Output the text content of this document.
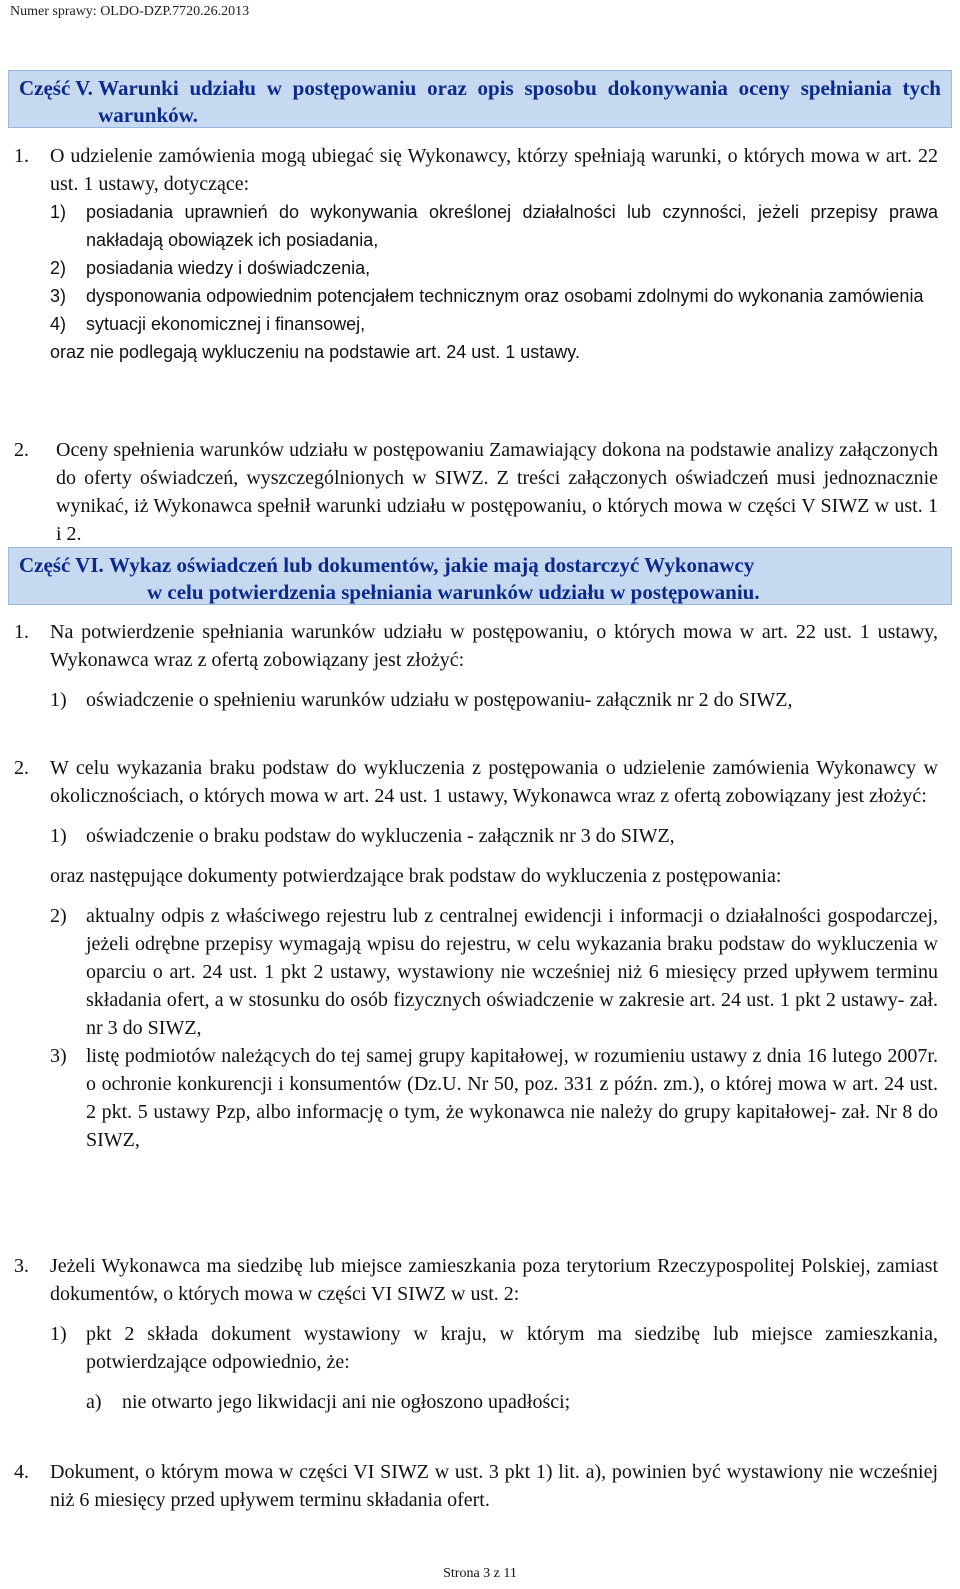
Numer sprawy: OLDO-DZP.7720.26.2013
Część V.
Warunki udziału w postępowaniu oraz opis sposobu dokonywania oceny spełniania tych warunków.
1.	O udzielenie zamówienia mogą ubiegać się Wykonawcy, którzy spełniają warunki, o których mowa w art. 22 ust. 1 ustawy, dotyczące:
1)	posiadania uprawnień do wykonywania określonej działalności lub czynności, jeżeli przepisy prawa nakładają obowiązek ich posiadania,
2)	posiadania wiedzy i doświadczenia,
3)	dysponowania odpowiednim potencjałem technicznym oraz osobami zdolnymi do wykonania zamówienia
4)	sytuacji ekonomicznej i finansowej,
oraz nie podlegają wykluczeniu na podstawie art. 24 ust. 1 ustawy.
2.	Oceny spełnienia warunków udziału w postępowaniu Zamawiający dokona na podstawie analizy załączonych do oferty oświadczeń, wyszczególnionych w SIWZ. Z treści załączonych oświadczeń musi jednoznacznie wynikać, iż Wykonawca spełnił warunki udziału w postępowaniu, o których mowa w części V SIWZ w ust. 1 i 2.
Część VI.
Wykaz oświadczeń lub dokumentów, jakie mają dostarczyć Wykonawcy
w celu potwierdzenia spełniania warunków udziału w postępowaniu.
1.	Na potwierdzenie spełniania warunków udziału w postępowaniu, o których mowa w art. 22 ust. 1 ustawy, Wykonawca wraz z ofertą zobowiązany jest złożyć:
1) oświadczenie o spełnieniu warunków udziału w postępowaniu- załącznik nr 2 do SIWZ,
2.	W celu wykazania braku podstaw do wykluczenia z postępowania o udzielenie zamówienia Wykonawcy w okolicznościach, o których mowa w art. 24 ust. 1 ustawy, Wykonawca wraz z ofertą zobowiązany jest złożyć:
1) oświadczenie o braku podstaw do wykluczenia - załącznik nr 3 do SIWZ,
oraz następujące dokumenty potwierdzające brak podstaw do wykluczenia z postępowania:
2) aktualny odpis z właściwego rejestru lub z centralnej ewidencji i informacji o działalności gospodarczej, jeżeli odrębne przepisy wymagają wpisu do rejestru, w celu wykazania braku podstaw do wykluczenia w oparciu o art. 24 ust. 1 pkt 2 ustawy, wystawiony nie wcześniej niż 6 miesięcy przed upływem terminu składania ofert, a w stosunku do osób fizycznych oświadczenie w zakresie art. 24 ust. 1 pkt 2 ustawy- zał. nr 3 do SIWZ,
3) listę podmiotów należących do tej samej grupy kapitałowej, w rozumieniu ustawy z dnia 16 lutego 2007r. o ochronie konkurencji i konsumentów (Dz.U. Nr 50, poz. 331 z późn. zm.), o której mowa w art. 24 ust. 2 pkt. 5 ustawy Pzp, albo informację o tym, że wykonawca nie należy do grupy kapitałowej- zał. Nr 8 do SIWZ,
3.	Jeżeli Wykonawca ma siedzibę lub miejsce zamieszkania poza terytorium Rzeczypospolitej Polskiej, zamiast dokumentów, o których mowa w części VI SIWZ w ust. 2:
1) pkt 2 składa dokument wystawiony w kraju, w którym ma siedzibę lub miejsce zamieszkania, potwierdzające odpowiednio, że:
a)	nie otwarto jego likwidacji ani nie ogłoszono upadłości;
4.	Dokument, o którym mowa w części VI SIWZ w ust. 3 pkt 1) lit. a), powinien być wystawiony nie wcześniej niż 6 miesięcy przed upływem terminu składania ofert.
Strona 3 z 11
